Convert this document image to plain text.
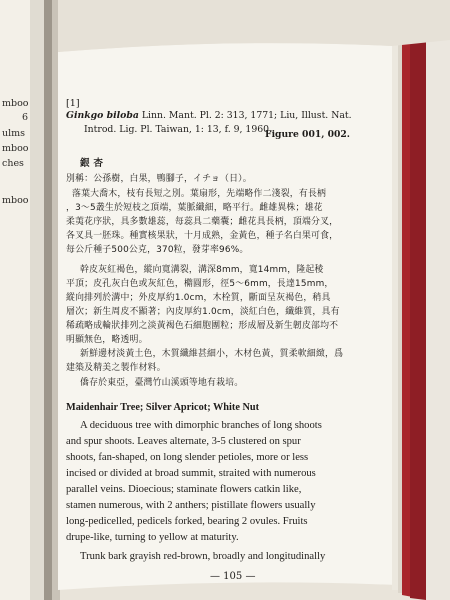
mboo
6
ulms
mboo
ches
mboo
[1]
Ginkgo biloba Linn. Mant. Pl. 2: 313, 1771; Liu, Illust. Nat.
Introd. Lig. Pl. Taiwan, 1: 13, f. 9, 1960.
Figure 001, 002.
銀 杏
別稱：公孫樹，白果，鴨腳子，イチョ（日）。
落葉大喬木，枝有長短之別。葉扇形，先端略作二淺裂，有長柄
，3～5叢生於短枝之頂端，葉脈纖細，略平行。雌雄異株；雄花
柔荑花序狀，具多數雄蕊，每蕊具二藥囊；雌花具長柄，頂端分叉，
各叉具一胚珠。種實核果狀，十月成熟，金黃色，種子名白果可食，
每公斤種子500公克，370粒，發芽率96%。
幹皮灰紅褐色，縱向寬溝裂，溝深8mm，寬14mm，隆起稜
平頂；皮孔灰白色或灰紅色，橢圓形，徑5～6mm，長達15mm，
縱向排列於溝中；外皮厚約1.0cm，木栓質，斷面呈灰褐色，稍具
層次；新生周皮不顯著；內皮厚約1.0cm，淡紅白色，纖維質，具有
稀疏略成輪狀排列之淡黃褐色石細胞團粒；形成層及新生韌皮部均不
明顯無色，略透明。
新鮮邊材淡黃土色，木質纖維甚細小，木材色黃，質柔軟細緻，爲
建築及精美之製作材料。
僑存於東亞，臺灣竹山溪頭等地有栽培。
Maidenhair Tree; Silver Apricot; White Nut
A deciduous tree with dimorphic branches of long shoots
and spur shoots. Leaves alternate, 3-5 clustered on spur
shoots, fan-shaped, on long slender petioles, more or less
incised or divided at broad summit, straited with numerous
parallel veins. Dioecious; staminate flowers catkin like,
stamen numerous, with 2 anthers; pistillate flowers usually
long-pedicelled, pedicels forked, bearing 2 ovules. Fruits
drupe-like, turning to yellow at maturity.
Trunk bark grayish red-brown, broadly and longitudinally
— 105 —
